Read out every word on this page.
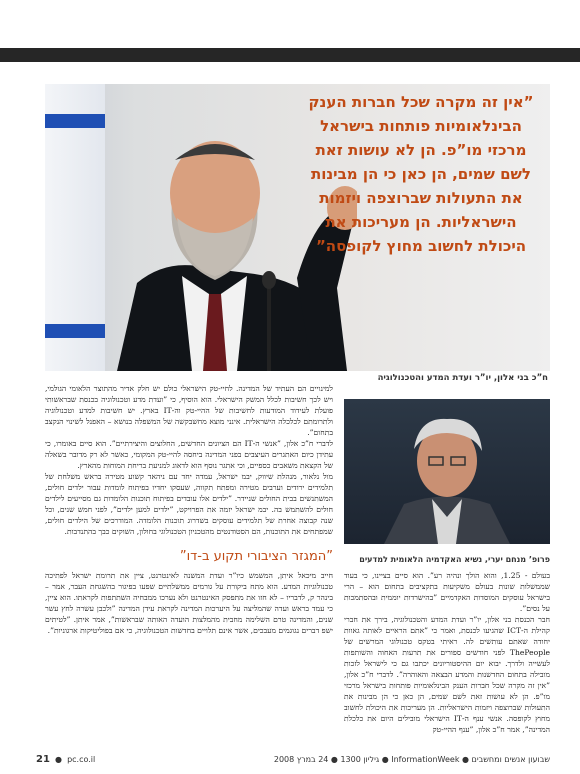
”אין זה מקרה שכל חברות הענק הבינלאומיות פותחות בישראל מרכזי מו”פ. הן לא עושות זאת לשם שמים, הן כאן כי הן מבינות את התעולות שברוצפה ויזמות הישראליות. הן מעריכות את היכולת לחשוב מחוץ לקופסה”
ח”כ בני אלון, יו”ר ועדת המדע והטכנולוגיה

למינויים הם העתיד של המדינה. לחיי-טק הישראלי כולם יש חלק אדיר מהתוצר הלאומי הגולמי, ויש לכך חשיבות לכלל המשק הישראלי. הוא הוסיף, כי ”ועדת מדע וטכנולוגיה בכנסת שבראשותי פועלת לעידוד המודעות לחשיבות של ההיי-טק וה-IT בארץ. יש חשיבות למדע וטכנולוגיה ולתרומתם לכלכלה הישראלית. אינני מוצא מחשבקשה של המשפלה בנושא – האפנל לשינוי הנקצב בתחום”.

לדברי ח”כ אלון, ”אנשי ה-IT הם הציונים החדשים, החלוצים והיצירתיים”. הוא סיים באומרו, כי עתידן כיום האתגרים העיצבים בפני המדינה ביחסה להיי-טק המקומי, כאשר לא רק מדובר בשאלה של הקצאת משאבים כספיים, וכי אתגר נוסף הוא לדאוג למניעת בריחת המוחות מהארץ.

מול נלאור, מנהלת שיווק, יבמ ישראל, עמדה יחד עם ניהאד קשוע מטירה בראש משלחת של תלמידים ירודים וערבים מטירה ומפתח תקווה, שעסקו יחדיו בפיתוח לומדות עבור ילדים חולים, המשתנשים בבית החולים שניידר. ”ילדים אלו עובדים בפיתוח תוכנות הלומדות גם מסייעים לילדים חולים להשתמש בה. יבמ ישראל יזמה את הפרויקט, ”ילדים למען ילדים”, לפני חמש שנים, וכל שנה קבוצה אחרת של תלמידים עוסקים בשדרוג תוכנות הלומדה. המודרכים של הילדים חולים, שמפתחים את התוכנות, הם הסטודנטים מהטכניון הטכנולוגי בחולון, השוקים כבך בהתנדבות.

פרופ’ מנחם יערי, נשיא האקדמיה הלאומית למדעים
”המגזר הציבורי תקוע ב-דו”

חייב מיכאל איתן, המשמש כיו”ר ועדת המשנה לאינטרנט, ציין את תרומת ישראל לפתיכה טכנולוגיות המדע. הוא מתח ביקורת על גורמים ממשלתיים שפעו בפיגור בהשגחת העבר, אמר – בינהר ק, לדבריו – לא חזו את מתפסק האינטרנט ולא נערכו ממבחיה השתתפות לקראתו. הוא ציין, כי עמד בראש ועדה שהמליצה על היערכות המדינה לקראת עידן המדינה ”ולכבן עשרה לחץ עשר שנים, והמדינה טרם השלימה מחבית מהמלצות הועדה האותה שבראשות”, אמר איתן. ”לטיתים ישפ דברים נגוגמים מעבכים, אשר אינם תלויים בחדשות הטכנולוגיה, כי אם בפוליטיקות ארגוניות”.

בעולם - 1.25, והוא הולך ונהיה רע”. הוא סיים בציינו, כי בעוד שממשלות שונות בעולם משקיעות בתקציבים בתחום הוא – הרי בישראל עוסקים המוסדות האקדמיים ”בהישרדות יוממית ובהסתמכות על נסים”.

חבר הכנסת בני אלון, יו”ר ועדת המדע והטכנולוגיה, בירך את חברי קהילת ה-ICT שהגיעו לכנסת, ואמר כי ”אתם הראיים לאותה גאוות יחודה שאתם עותשים לה. ראיתי בטקס טכנולוגי המרשים של ThePeople לפני חודשים ספורים את תרעות האחוה והשותפות לעשייה ולדרך. יבוא יום ההיסטוריונים יכתבו גם כי לישראל לזכות מובילה בתחום החדשנות והמדע הבצאה והאוהרה”. לדברי ח”כ אלון, ”אין זה מקרה שכל חברות הענק הבינלאומיות פותחות בישראל מרכזי מו”פ. הן לא עושות זאת לשם שמים, הן כאן כי הן מבינות את התעולות שברוצפה ויזמות הישראליות. הן מעריכות את היכולת לחשוב מחוץ לקופסה. אנשי ענף ה-IT הישראלי מובילים היום את כלכלת המדינה”, אמר ח”כ אלון, ”ענף ההיי-טק

21  ●  pc.co.il	שבועון אנשים ומחשבים ● InformationWeek ● גיליון 1300 ● 24 במרץ 2008
